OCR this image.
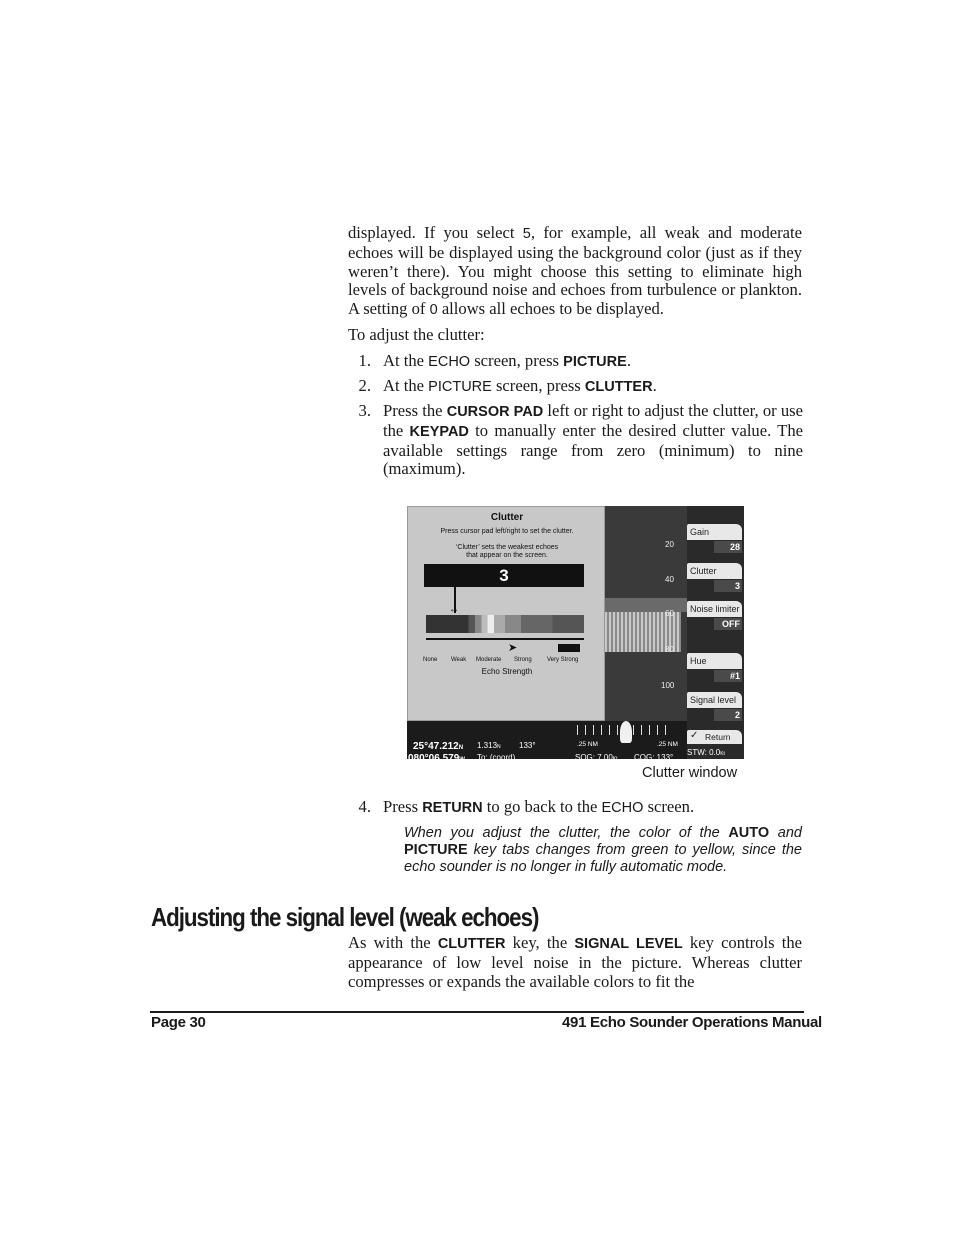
displayed. If you select 5, for example, all weak and moderate echoes will be displayed using the background color (just as if they weren’t there). You might choose this setting to eliminate high levels of background noise and echoes from turbulence or plankton. A setting of 0 allows all echoes to be displayed.

To adjust the clutter:

1. At the ECHO screen, press PICTURE.
2. At the PICTURE screen, press CLUTTER.
3. Press the CURSOR PAD left or right to adjust the clutter, or use the KEYPAD to manually enter the desired clutter value. The available settings range from zero (minimum) to nine (maximum).
20
40
60
80
100
Clutter
Press cursor pad left/right to set the clutter.
‘Clutter’ sets the weakest echoes
that appear on the screen.
3
↔
None Weak Moderate Strong	Very Strong
➤
Echo Strength
Gain
28
Clutter
3
Noise limiter
OFF
Hue
#1
Signal level
2
✓ Return
25°47.212N
080°06.579W
1.313N 133°
To: (coord)
.25 NM	.25 NM
SOG: 7.00Kt COG: 133°
STW: 0.0Kt
Clutter window
4. Press RETURN to go back to the ECHO screen.

When you adjust the clutter, the color of the AUTO and PICTURE key tabs changes from green to yellow, since the echo sounder is no longer in fully automatic mode.

Adjusting the signal level (weak echoes)

As with the CLUTTER key, the SIGNAL LEVEL key controls the appearance of low level noise in the picture. Whereas clutter compresses or expands the available colors to fit the

Page 30	491 Echo Sounder Operations Manual
